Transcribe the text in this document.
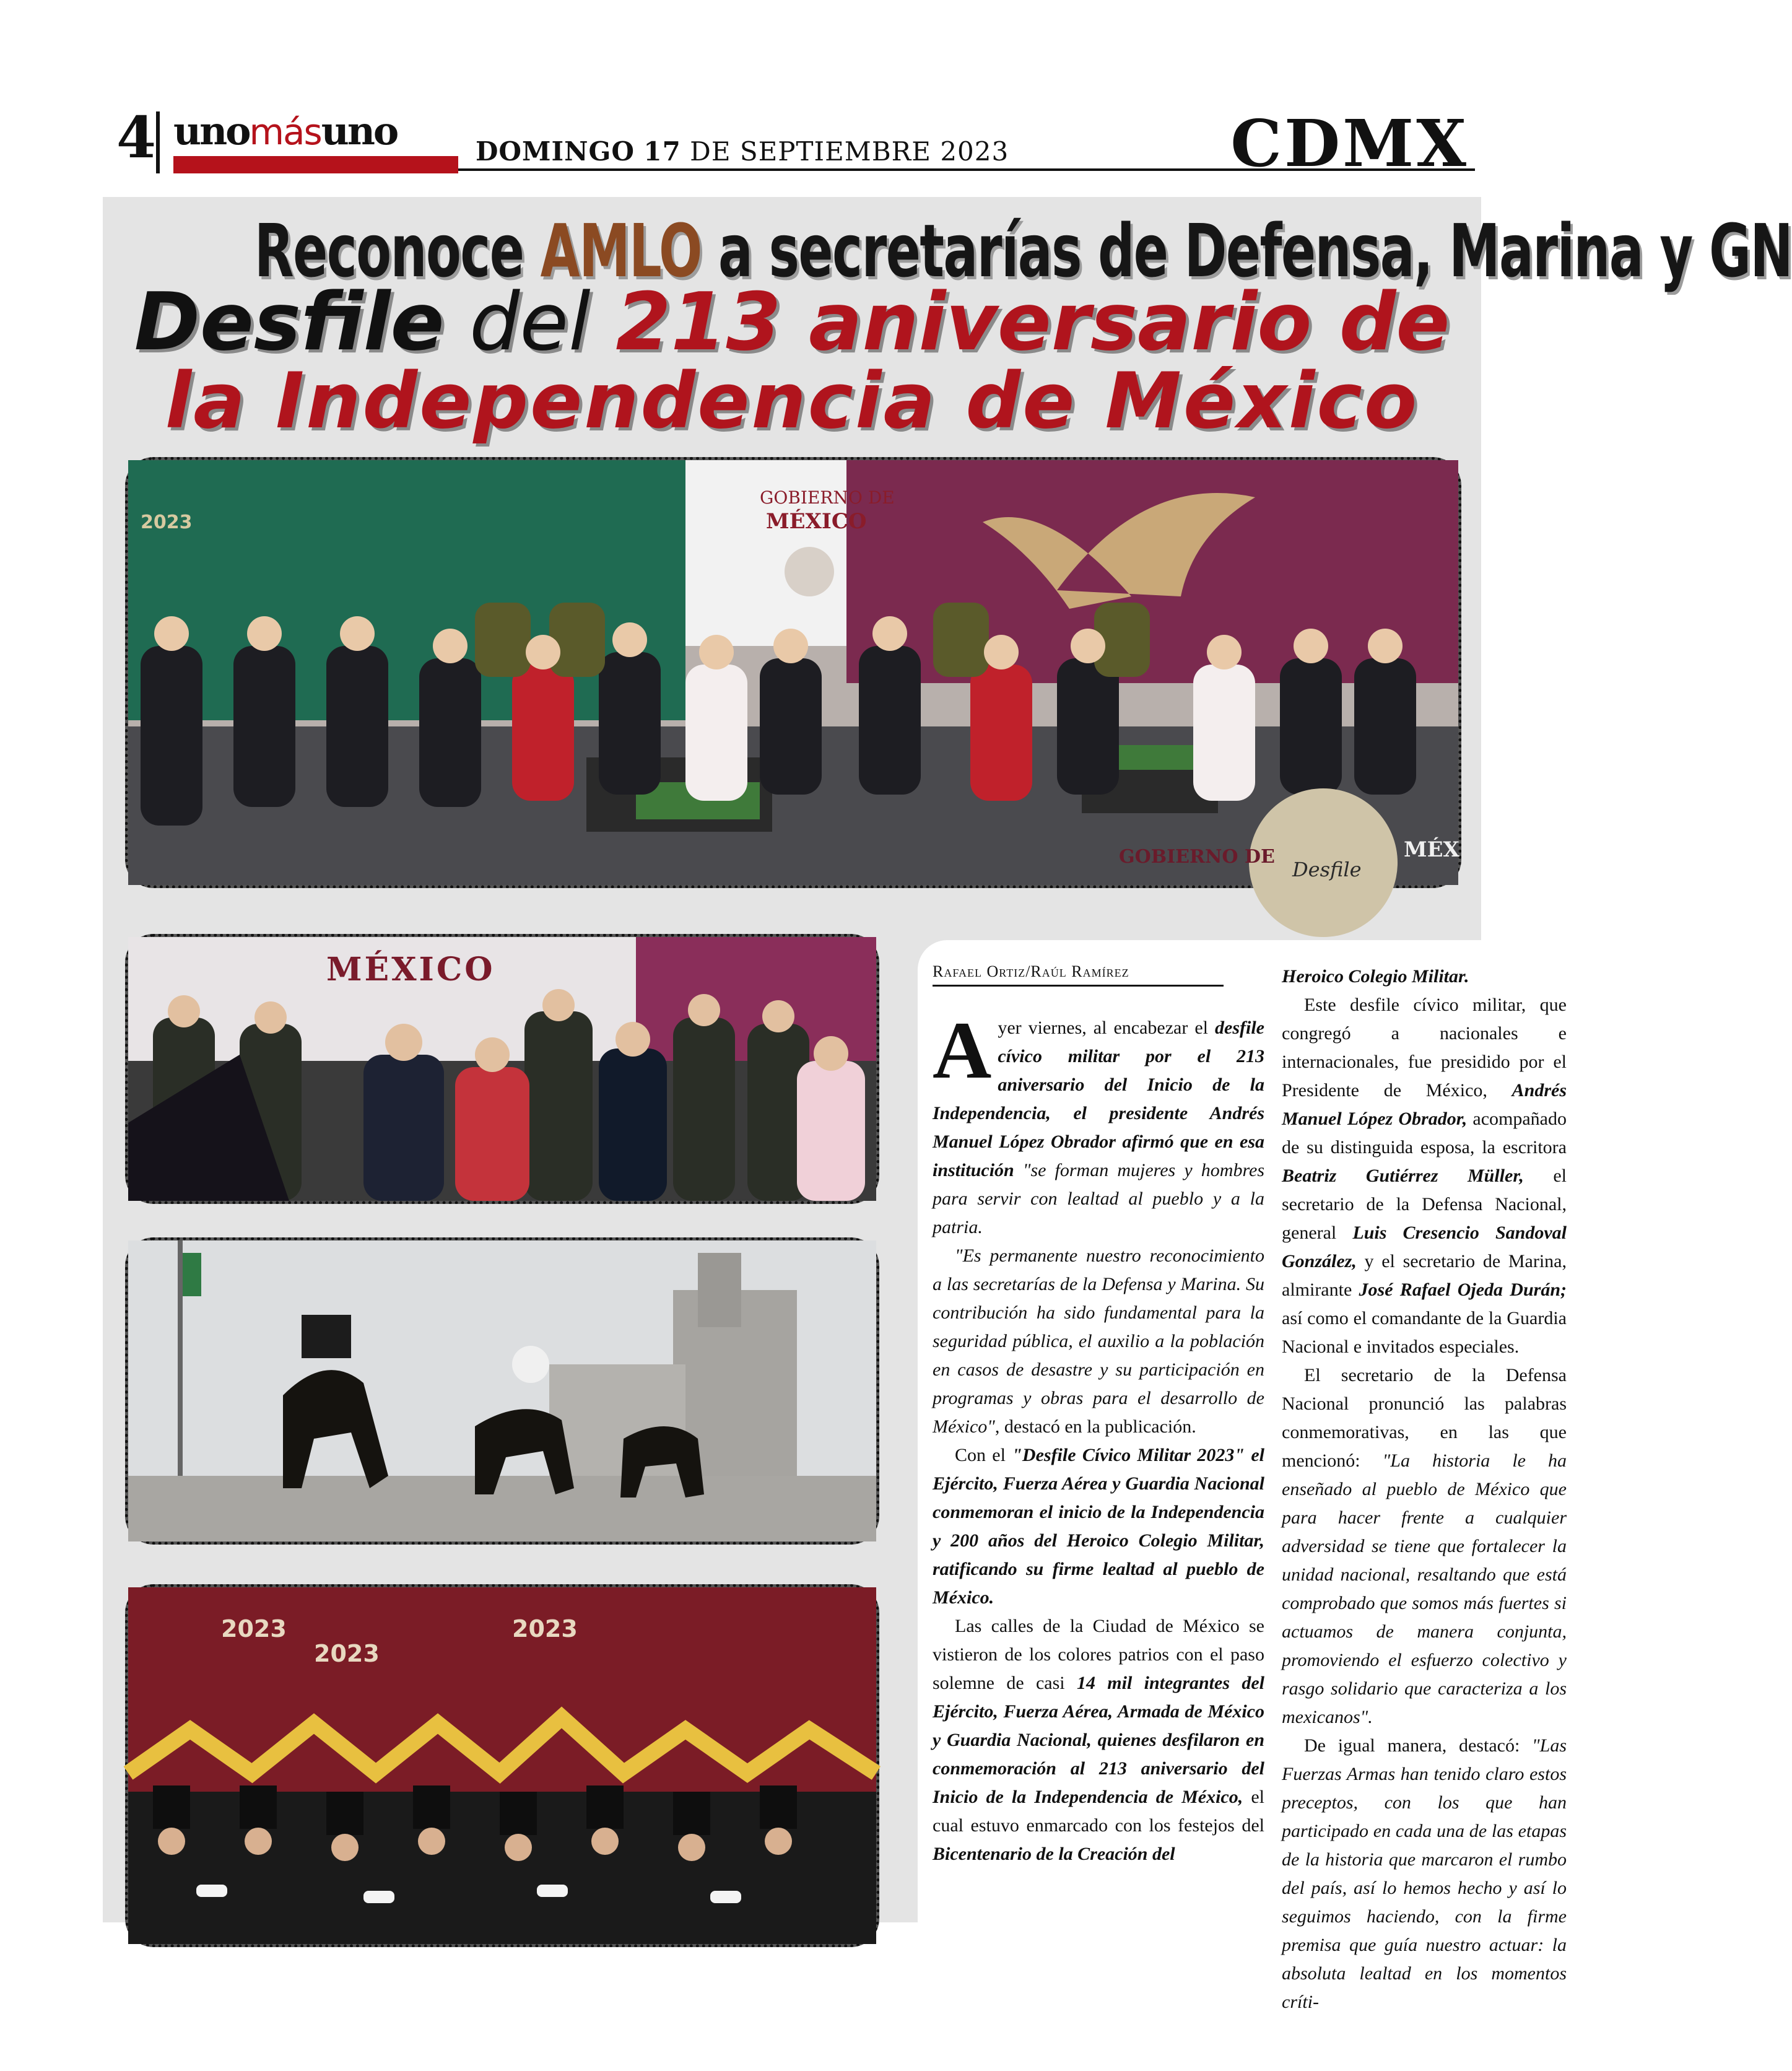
4 unomásuno	DOMINGO 17 DE SEPTIEMBRE 2023	CDMX
Reconoce AMLO a secretarías de Defensa, Marina y GN
Desfile del 213 aniversario de
la Independencia de México
GOBIERNO DE
MÉXICO
2023
GOBIERNO DE
Desfile
MÉX
MÉXICO
2023
2023
2023
Rafael Ortiz/Raúl Ramírez

Ayer viernes, al encabezar el desfile cívico militar por el 213 aniversario del Inicio de la Independencia, el presidente Andrés Manuel López Obrador afirmó que en esa institución "se forman mujeres y hombres para servir con lealtad al pueblo y a la patria.

"Es permanente nuestro reconocimiento a las secretarías de la Defensa y Marina. Su contribución ha sido fundamental para la seguridad pública, el auxilio a la población en casos de desastre y su participación en programas y obras para el desarrollo de México", destacó en la publicación.

Con el "Desfile Cívico Militar 2023" el Ejército, Fuerza Aérea y Guardia Nacional conmemoran el inicio de la Independencia y 200 años del Heroico Colegio Militar, ratificando su firme lealtad al pueblo de México.

Las calles de la Ciudad de México se vistieron de los colores patrios con el paso solemne de casi 14 mil integrantes del Ejército, Fuerza Aérea, Armada de México y Guardia Nacional, quienes desfilaron en conmemoración al 213 aniversario del Inicio de la Independencia de México, el cual estuvo enmarcado con los festejos del Bicentenario de la Creación del

Heroico Colegio Militar.

Este desfile cívico militar, que congregó a nacionales e internacionales, fue presidido por el Presidente de México, Andrés Manuel López Obrador, acompañado de su distinguida esposa, la escritora Beatriz Gutiérrez Müller, el secretario de la Defensa Nacional, general Luis Cresencio Sandoval González, y el secretario de Marina, almirante José Rafael Ojeda Durán; así como el comandante de la Guardia Nacional e invitados especiales.

El secretario de la Defensa Nacional pronunció las palabras conmemorativas, en las que mencionó: "La historia le ha enseñado al pueblo de México que para hacer frente a cualquier adversidad se tiene que fortalecer la unidad nacional, resaltando que está comprobado que somos más fuertes si actuamos de manera conjunta, promoviendo el esfuerzo colectivo y rasgo solidario que caracteriza a los mexicanos".

De igual manera, destacó: "Las Fuerzas Armas han tenido claro estos preceptos, con los que han participado en cada una de las etapas de la historia que marcaron el rumbo del país, así lo hemos hecho y así lo seguimos haciendo, con la firme premisa que guía nuestro actuar: la absoluta lealtad en los momentos críti-
